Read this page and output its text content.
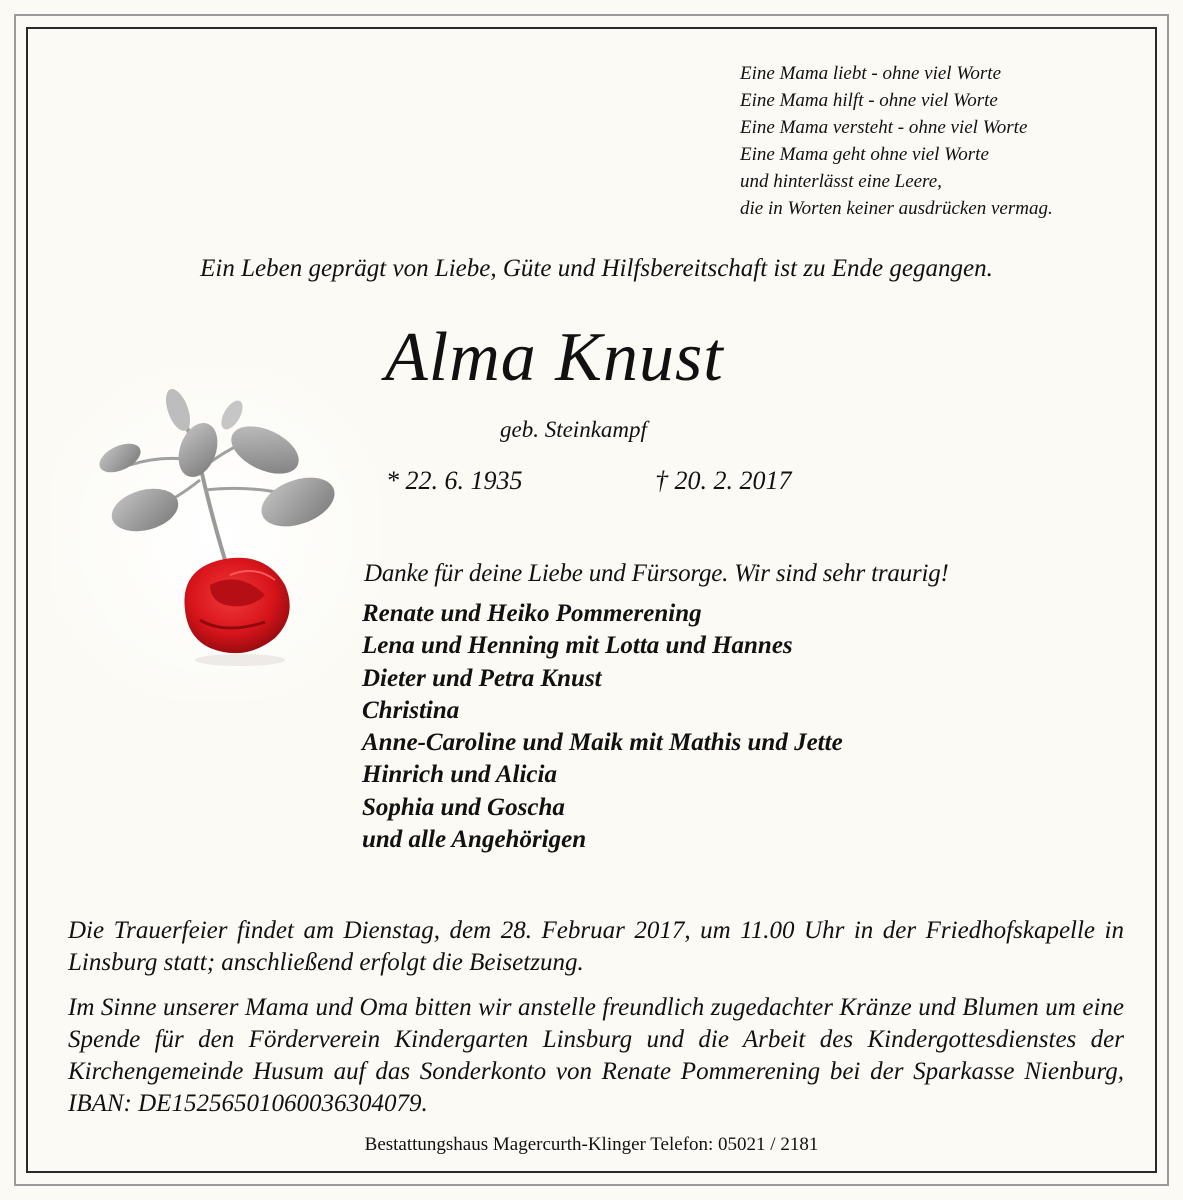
Eine Mama liebt - ohne viel Worte
Eine Mama hilft - ohne viel Worte
Eine Mama versteht - ohne viel Worte
Eine Mama geht ohne viel Worte
und hinterlässt eine Leere,
die in Worten keiner ausdrücken vermag.
Ein Leben geprägt von Liebe, Güte und Hilfsbereitschaft ist zu Ende gegangen.
Alma Knust
geb. Steinkampf
* 22. 6. 1935	† 20. 2. 2017
Danke für deine Liebe und Fürsorge. Wir sind sehr traurig!
Renate und Heiko Pommerening
Lena und Henning mit Lotta und Hannes
Dieter und Petra Knust
Christina
Anne-Caroline und Maik mit Mathis und Jette
Hinrich und Alicia
Sophia und Goscha
und alle Angehörigen
Die Trauerfeier findet am Dienstag, dem 28. Februar 2017, um 11.00 Uhr in der Friedhofskapelle in Linsburg statt; anschließend erfolgt die Beisetzung.
Im Sinne unserer Mama und Oma bitten wir anstelle freundlich zugedachter Kränze und Blumen um eine Spende für den Förderverein Kindergarten Linsburg und die Arbeit des Kindergottesdienstes der Kirchengemeinde Husum auf das Sonderkonto von Renate Pommerening bei der Sparkasse Nienburg, IBAN: DE15256501060036304079.
Bestattungshaus Magercurth-Klinger Telefon: 05021 / 2181
